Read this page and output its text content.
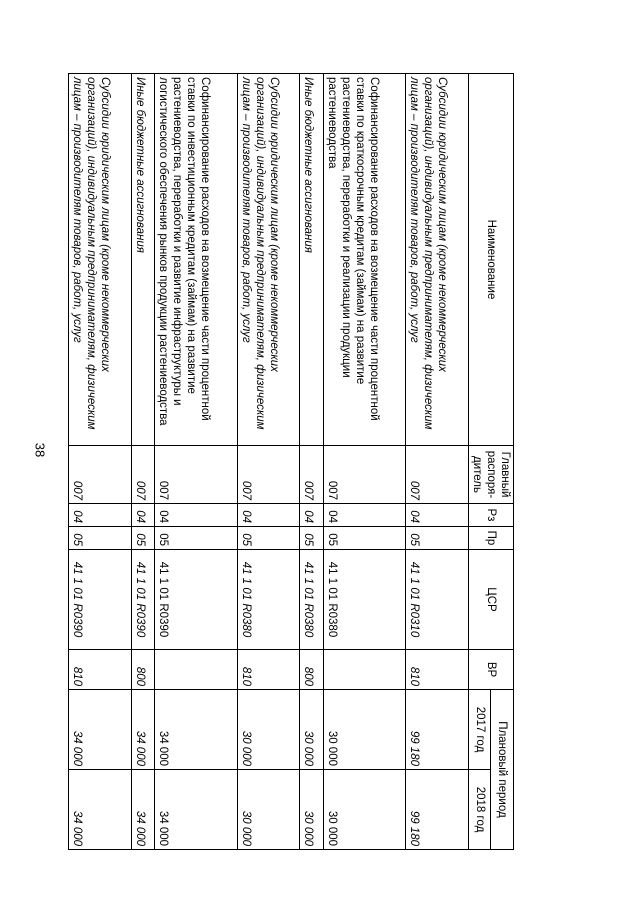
38
Наименование	Главный распоря-дитель	Рз	Пр	ЦСР	ВР	Плановый период	
						2017 год	2018 год
Субсидии юридическим лицам (кроме некоммерческих организаций), индивидуальным предпринимателям, физическим лицам – производителям товаров, работ, услуг	007	04	05	41 1 01 R0310	810	99 180	99 180
Софинансирование расходов на возмещение части процентной ставки по краткосрочным кредитам (займам) на развитие растениеводства, переработки и реализации продукции растениеводства	007	04	05	41 1 01 R0380		30 000	30 000
Иные бюджетные ассигнования	007	04	05	41 1 01 R0380	800	30 000	30 000
Субсидии юридическим лицам (кроме некоммерческих организаций), индивидуальным предпринимателям, физическим лицам – производителям товаров, работ, услуг	007	04	05	41 1 01 R0380	810	30 000	30 000
Софинансирование расходов на возмещение части процентной ставки по инвестиционным кредитам (займам) на развитие растениеводства, переработки и развитие инфраструктуры и логистического обеспечения рынков продукции растениеводства	007	04	05	41 1 01 R0390		34 000	34 000
Иные бюджетные ассигнования	007	04	05	41 1 01 R0390	800	34 000	34 000
Субсидии юридическим лицам (кроме некоммерческих организаций), индивидуальным предпринимателям, физическим лицам – производителям товаров, работ, услуг	007	04	05	41 1 01 R0390	810	34 000	34 000
